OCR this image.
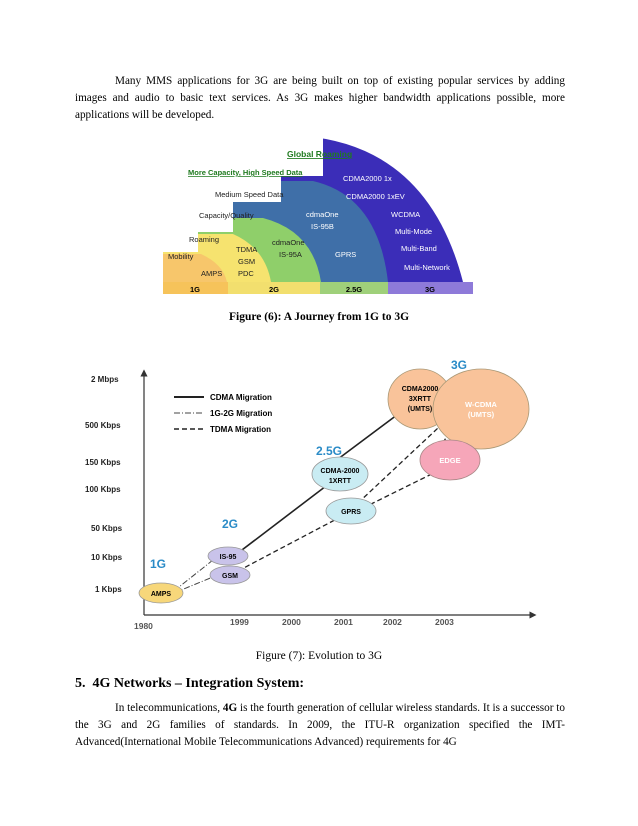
Many MMS applications for 3G are being built on top of existing popular services by adding images and audio to basic text services. As 3G makes higher bandwidth applications possible, more applications will be developed.
Global Roaming
More Capacity, High Speed Data
Medium Speed Data
Capacity/Quality
Roaming
Mobility
AMPS
TDMA
GSM
PDC
cdmaOne
IS-95A
cdmaOne
IS-95B
GPRS
CDMA2000 1x
CDMA2000 1xEV
WCDMA
Multi-Mode
Multi-Band
Multi-Network
1G	2G	2.5G	3G
Figure (6): A Journey from 1G to 3G
2 Mbps
500 Kbps
150 Kbps
100 Kbps
50 Kbps
10 Kbps
1 Kbps
1980	1999	2000	2001	2002	2003
CDMA Migration
1G-2G Migration
TDMA Migration
1G
2G
2.5G
3G
AMPS
IS-95
GSM
CDMA-2000
1XRTT
GPRS
CDMA2000
3XRTT
(UMTS)
W-CDMA
(UMTS)
EDGE
Figure (7): Evolution to 3G
5. 4G Networks – Integration System:
In telecommunications, 4G is the fourth generation of cellular wireless standards. It is a successor to the 3G and 2G families of standards. In 2009, the ITU-R organization specified the IMT-Advanced(International Mobile Telecommunications Advanced) requirements for 4G
